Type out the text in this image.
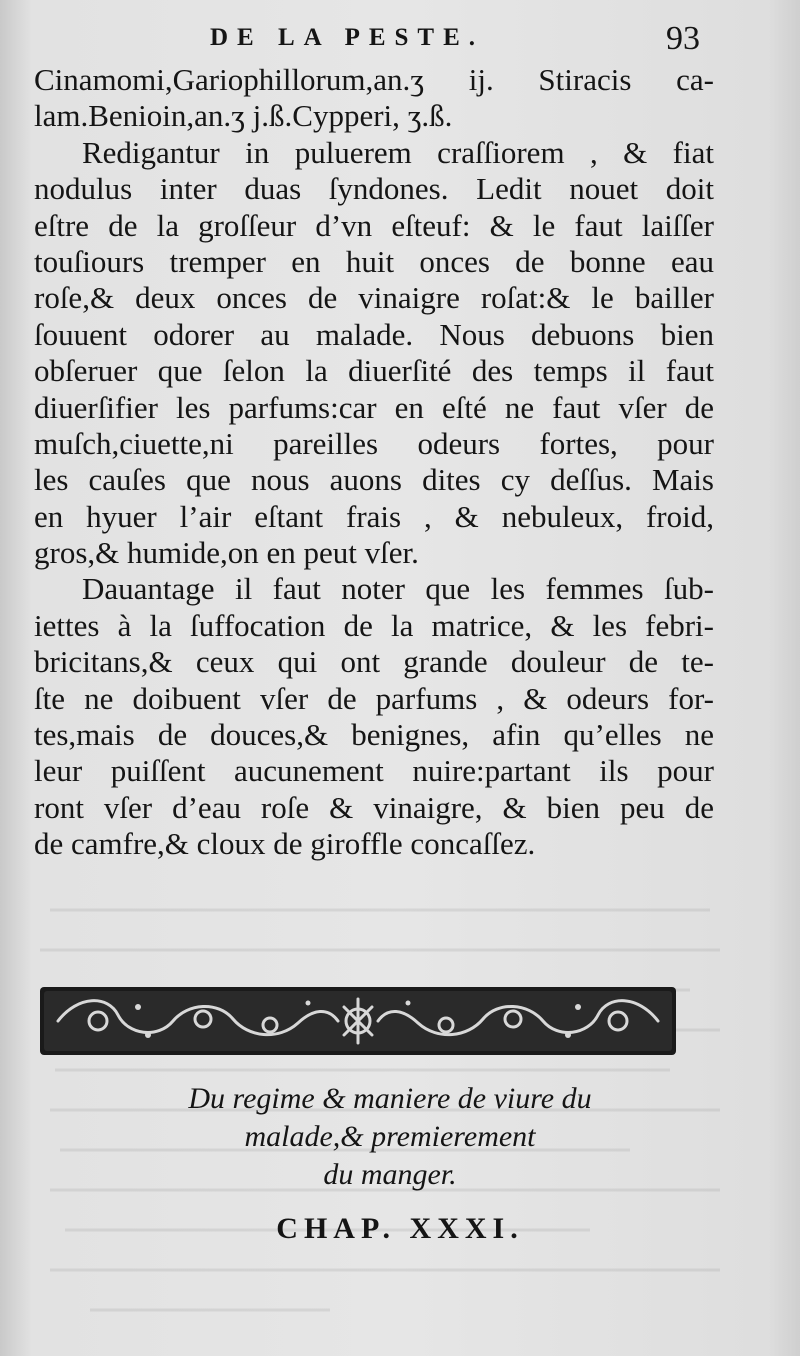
DE LA PESTE.	93
Cinamomi,Gariophillorum,an.ʒ ij. Stiracis ca-
lam.Benioin,an.ʒ j.ß.Cypperi, ʒ.ß.
Redigantur in puluerem craſſiorem , & fiat
nodulus inter duas ſyndones. Ledit nouet doit
eſtre de la groſſeur d’vn eſteuf: & le faut laiſſer
touſiours tremper en huit onces de bonne eau
roſe,& deux onces de vinaigre roſat:& le bailler
ſouuent odorer au malade. Nous debuons bien
obſeruer que ſelon la diuerſité des temps il faut
diuerſifier les parfums:car en eſté ne faut vſer de
muſch,ciuette,ni pareilles odeurs fortes, pour
les cauſes que nous auons dites cy deſſus. Mais
en hyuer l’air eſtant frais , & nebuleux, froid,
gros,& humide,on en peut vſer.
Dauantage il faut noter que les femmes ſub-
iettes à la ſuffocation de la matrice, & les febri-
bricitans,& ceux qui ont grande douleur de te-
ſte ne doibuent vſer de parfums , & odeurs for-
tes,mais de douces,& benignes, afin qu’elles ne
leur puiſſent aucunement nuire:partant ils pour
ront vſer d’eau roſe & vinaigre, & bien peu de
de camfre,& cloux de giroffle concaſſez.
Du regime & maniere de viure du
malade,& premierement
du manger.
CHAP. XXXI.
